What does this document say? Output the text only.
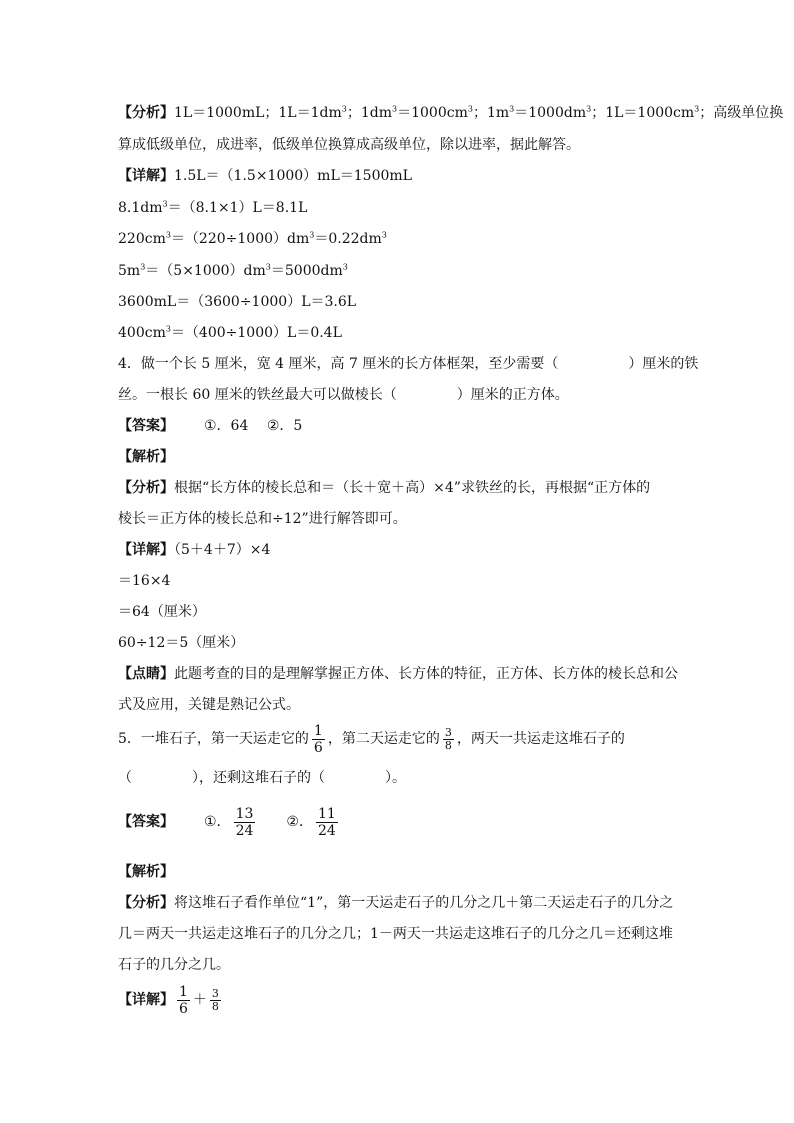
【分析】1L＝1000mL；$1L=1dm^3$；$1dm^3=1000cm^3$；$1m^3=1000dm^3$；$1L=1000cm^3$；高级单位换
算成低级单位，成进率，低级单位换算成高级单位，除以进率，据此解答。
【详解】1.5L＝（1.5×1000）mL＝1500mL
$8.1dm^3=(8.1\times 1)L=8.1L$
$220cm^3=(220\div 1000)dm^3=0.22dm^3$
$5m^3=(5\times 1000)dm^3=5000dm^3$
3600mL＝（3600÷1000）L＝3.6L
$400cm^3=(400\div 1000)L=0.4L$
4．做一个长 5 厘米，宽 4 厘米，高 7 厘米的长方体框架，至少需要（	）厘米的铁
丝。一根长 60 厘米的铁丝最大可以做棱长（	）厘米的正方体。
【答案】 ①．64　 ②．5
【解析】
【分析】根据“长方体的棱长总和＝（长＋宽＋高）×4”求铁丝的长，再根据“正方体的
棱长＝正方体的棱长总和÷12”进行解答即可。
【详解】（5＋4＋7）×4
＝16×4
＝64（厘米）
60÷12＝5（厘米）
【点睛】此题考查的目的是理解掌握正方体、长方体的特征，正方体、长方体的棱长总和公
式及应用，关键是熟记公式。
5．一堆石子，第一天运走它的 $\frac{1}{6}$ ，第二天运走它的 $\frac{3}{8}$ ，两天一共运走这堆石子的
（	），还剩这堆石子的（	）。
【答案】 ①． $\frac{13}{24}$ ②． $\frac{11}{24}$
【解析】
【分析】将这堆石子看作单位“1”，第一天运走石子的几分之几＋第二天运走石子的几分之
几＝两天一共运走这堆石子的几分之几；1－两天一共运走这堆石子的几分之几＝还剩这堆
石子的几分之几。
【详解】 $\frac{1}{6} + \frac{3}{8}$
